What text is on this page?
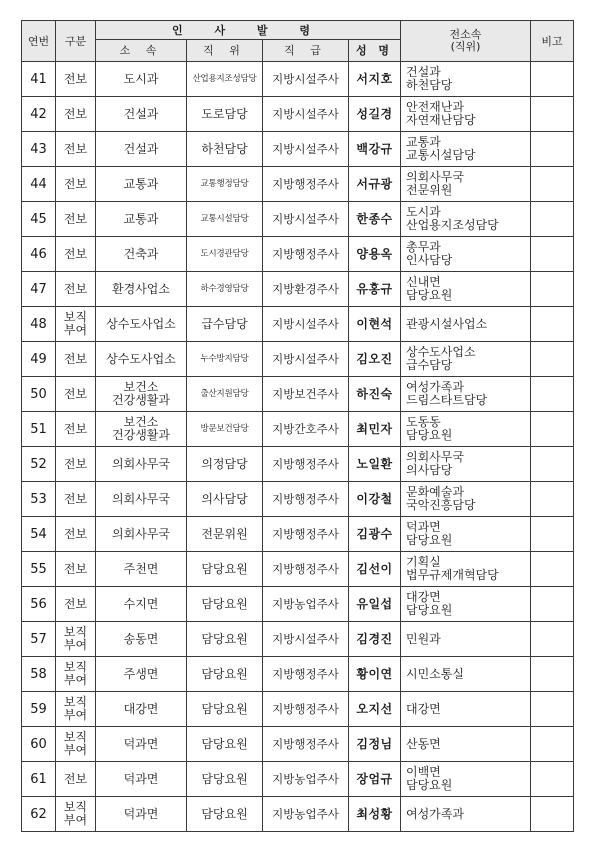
연번	구분	인 사 발 령				전소속
(직위)	비고
		소 속	직 위	직 급	성 명		
41	전보	도시과	산업용지조성담당	지방시설주사	서지호	건설과
하천담당	
42	전보	건설과	도로담당	지방시설주사	성길경	안전재난과
자연재난담당	
43	전보	건설과	하천담당	지방시설주사	백강규	교통과
교통시설담당	
44	전보	교통과	교통행정담당	지방행정주사	서규광	의회사무국
전문위원	
45	전보	교통과	교통시설담당	지방시설주사	한종수	도시과
산업용지조성담당	
46	전보	건축과	도시경관담당	지방행정주사	양용옥	총무과
인사담당	
47	전보	환경사업소	하수경영담당	지방환경주사	유홍규	신내면
담당요원	
48	보직
부여	상수도사업소	급수담당	지방시설주사	이현석	관광시설사업소	
49	전보	상수도사업소	누수방지담당	지방시설주사	김오진	상수도사업소
급수담당	
50	전보	보건소
건강생활과	출산지원담당	지방보건주사	하진숙	여성가족과
드림스타트담당	
51	전보	보건소
건강생활과	방문보건담당	지방간호주사	최민자	도동동
담당요원	
52	전보	의회사무국	의정담당	지방행정주사	노일환	의회사무국
의사담당	
53	전보	의회사무국	의사담당	지방행정주사	이강철	문화예술과
국악진흥담당	
54	전보	의회사무국	전문위원	지방행정주사	김광수	덕과면
담당요원	
55	전보	주천면	담당요원	지방행정주사	김선이	기획실
법무규제개혁담당	
56	전보	수지면	담당요원	지방농업주사	유일섭	대강면
담당요원	
57	보직
부여	송동면	담당요원	지방시설주사	김경진	민원과	
58	보직
부여	주생면	담당요원	지방행정주사	황이연	시민소통실	
59	보직
부여	대강면	담당요원	지방행정주사	오지선	대강면	
60	보직
부여	덕과면	담당요원	지방행정주사	김정님	산동면	
61	전보	덕과면	담당요원	지방농업주사	장엄규	이백면
담당요원	
62	보직
부여	덕과면	담당요원	지방농업주사	최성황	여성가족과	
